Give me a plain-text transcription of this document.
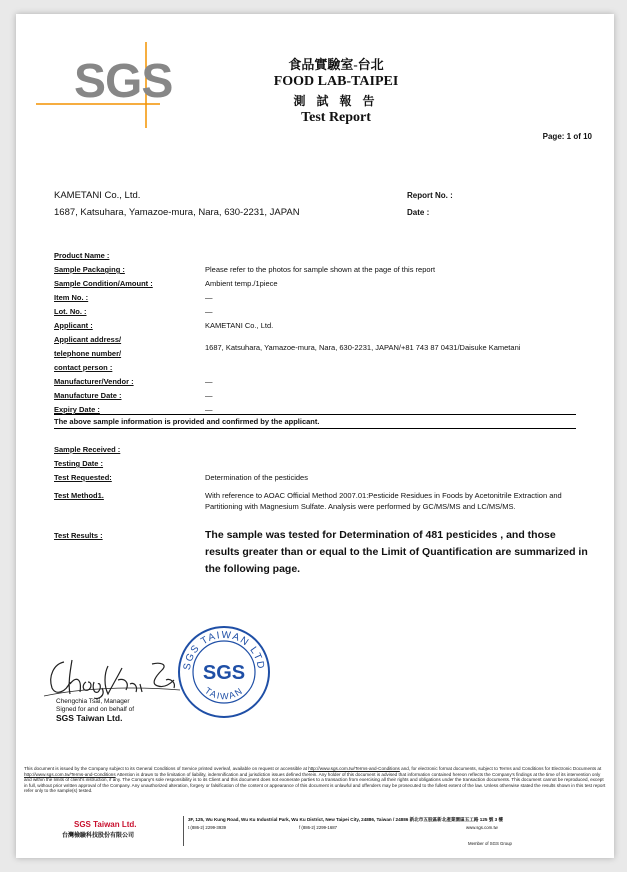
SGS	食品實驗室-台北
FOOD LAB-TAIPEI
測 試 報 告
Test Report
Page: 1 of 10
KAMETANI Co., Ltd.
1687, Katsuhara, Yamazoe-mura, Nara, 630-2231, JAPAN
Report No. :
Date :
Product Name :
Sample Packaging :	Please refer to the photos for sample shown at the page of this report
Sample Condition/Amount :	Ambient temp./1piece
Item No. :	—
Lot. No. :	—
Applicant :	KAMETANI Co., Ltd.
Applicant address/
telephone number/
contact person :
1687, Katsuhara, Yamazoe-mura, Nara, 630-2231, JAPAN/+81 743 87 0431/Daisuke Kametani
Manufacturer/Vendor :	—
Manufacture Date :	—
Expiry Date :	—
The above sample information is provided and confirmed by the applicant.
Sample Received :
Testing Date :
Test Requested:	Determination of the pesticides
Test Method1.	With reference to AOAC Official Method 2007.01:Pesticide Residues in Foods by Acetonitrile Extraction and Partitioning with Magnesium Sulfate. Analysis were performed by GC/MS/MS and LC/MS/MS.
Test Results :	The sample was tested for Determination of 481 pesticides , and those results greater than or equal to the Limit of Quantification are summarized in the following page.
Chengchia Tsai, Manager
Signed for and on behalf of
SGS Taiwan Ltd.
SGS TAIWAN LTD
SGS
TAIWAN
This document is issued by the Company subject to its General Conditions of Service printed overleaf, available on request or accessible at http://www.sgs.com.tw/Terms-and-Conditions and, for electronic format documents, subject to Terms and Conditions for Electronic Documents at http://www.sgs.com.tw/Terms-and-Conditions Attention is drawn to the limitation of liability, indemnification and jurisdiction issues defined therein. Any holder of this document is advised that information contained hereon reflects the Company's findings at the time of its intervention only and within the limits of client's instruction, if any. The Company's sole responsibility is to its Client and this document does not exonerate parties to a transaction from exercising all their rights and obligations under the transaction documents. This document cannot be reproduced, except in full, without prior written approval of the Company. Any unauthorized alteration, forgery or falsification of the content or appearance of this document is unlawful and offenders may be prosecuted to the fullest extent of the law. Unless otherwise stated the results shown in this test report refer only to the sample(s) tested.
SGS Taiwan Ltd.
台灣檢驗科技股份有限公司
3F, 125, Wu Kung Road, Wu Ku Industrial Park, Wu Ku District, New Taipei City, 24886, Taiwan / 24886 新北市五股區新北產業園區五工路 125 號 3 樓
t (886-2) 2299-3939	f (886-2) 2299-1687	www.sgs.com.tw
Member of SGS Group
